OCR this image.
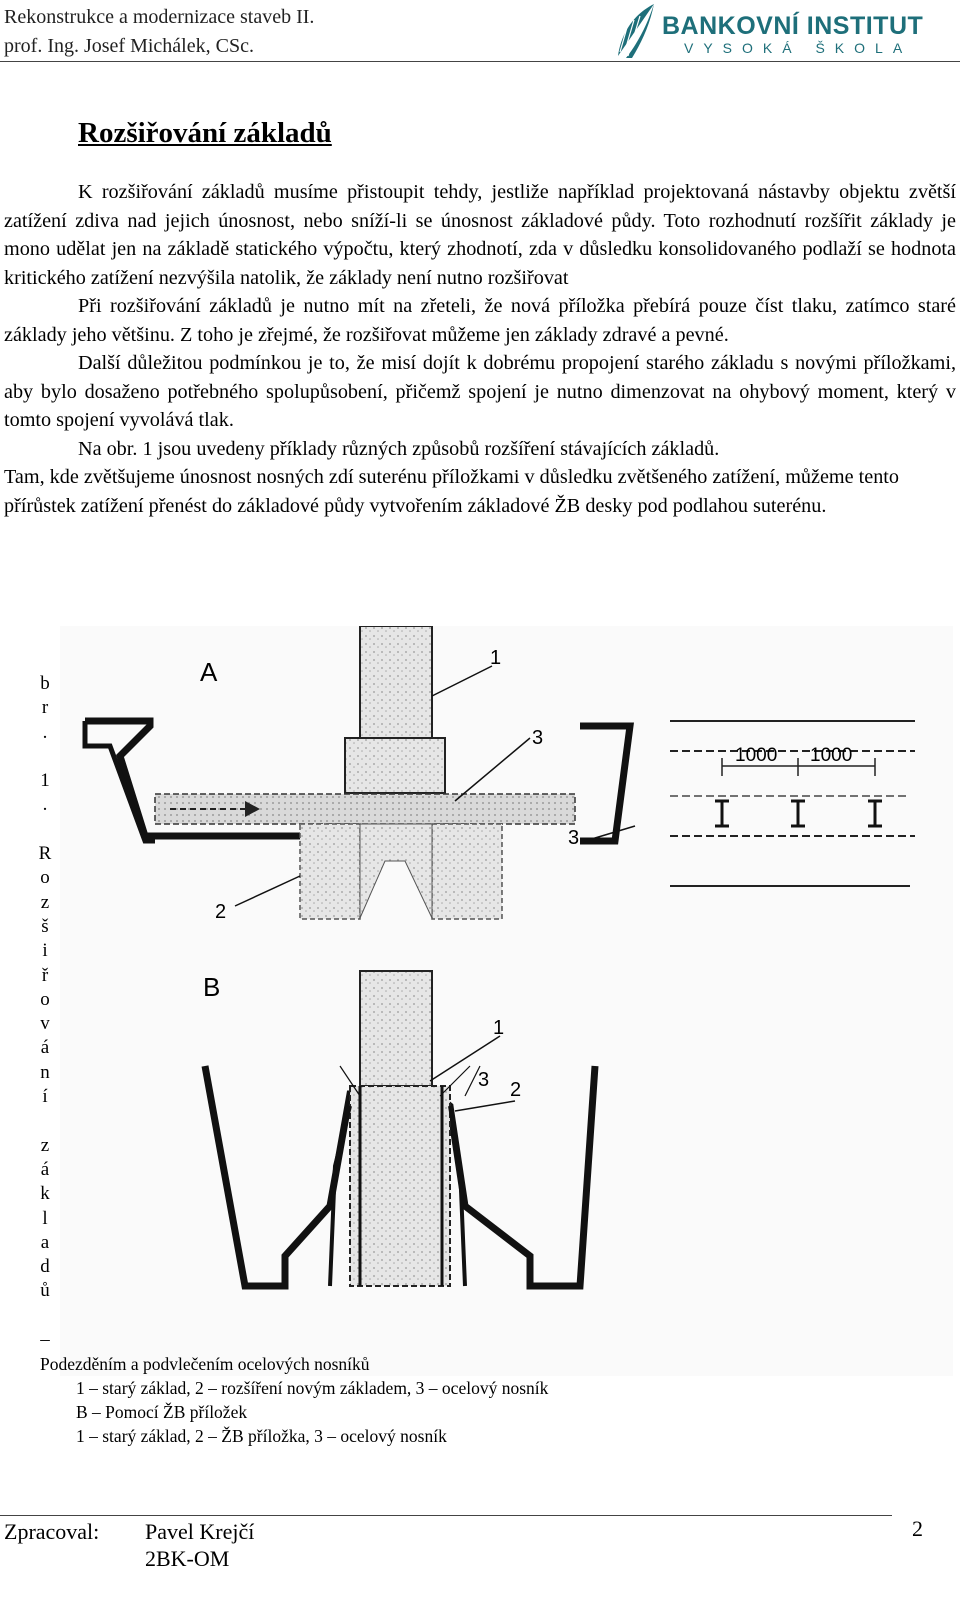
Rekonstrukce a modernizace staveb II.
prof. Ing. Josef Michálek, CSc.
BANKOVNÍ INSTITUT
VYSOKÁ ŠKOLA
Rozšiřování základů

K rozšiřování základů musíme přistoupit tehdy, jestliže například projektovaná nástavby objektu zvětší zatížení zdiva nad jejich únosnost, nebo sníží-li se únosnost základové půdy. Toto rozhodnutí rozšířit základy je mono udělat jen na základě statického výpočtu, který zhodnotí, zda v důsledku konsolidovaného podlaží se hodnota kritického zatížení nezvýšila natolik, že základy není nutno rozšiřovat

Při rozšiřování základů je nutno mít na zřeteli, že nová příložka přebírá pouze číst tlaku, zatímco staré základy jeho většinu. Z toho je zřejmé, že rozšiřovat můžeme jen základy zdravé a pevné.

Další důležitou podmínkou je to, že misí dojít k dobrému propojení starého základu s novými příložkami, aby bylo dosaženo potřebného spolupůsobení, přičemž spojení je nutno dimenzovat na ohybový moment, který v tomto spojení vyvolává tlak.

Na obr. 1 jsou uvedeny příklady různých způsobů rozšíření stávajících základů.

Tam, kde zvětšujeme únosnost nosných zdí suterénu příložkami v důsledku zvětšeného zatížení, můžeme tento přírůstek zatížení přenést do základové půdy vytvořením základové ŽB desky pod podlahou suterénu.

b
r
.

1
.

R
o
z
š
i
ř
o
v
á
n
í

z
á
k
l
a
d
ů

–
A	1
3
2
1000 1000
3
B
1
2
3
Podezděním a podvlečením ocelových nosníků
1 – starý základ, 2 – rozšíření novým základem, 3 – ocelový nosník
B – Pomocí ŽB příložek
1 – starý základ, 2 – ŽB příložka, 3 – ocelový nosník
Zpracoval: Pavel Krejčí
2BK-OM
2
